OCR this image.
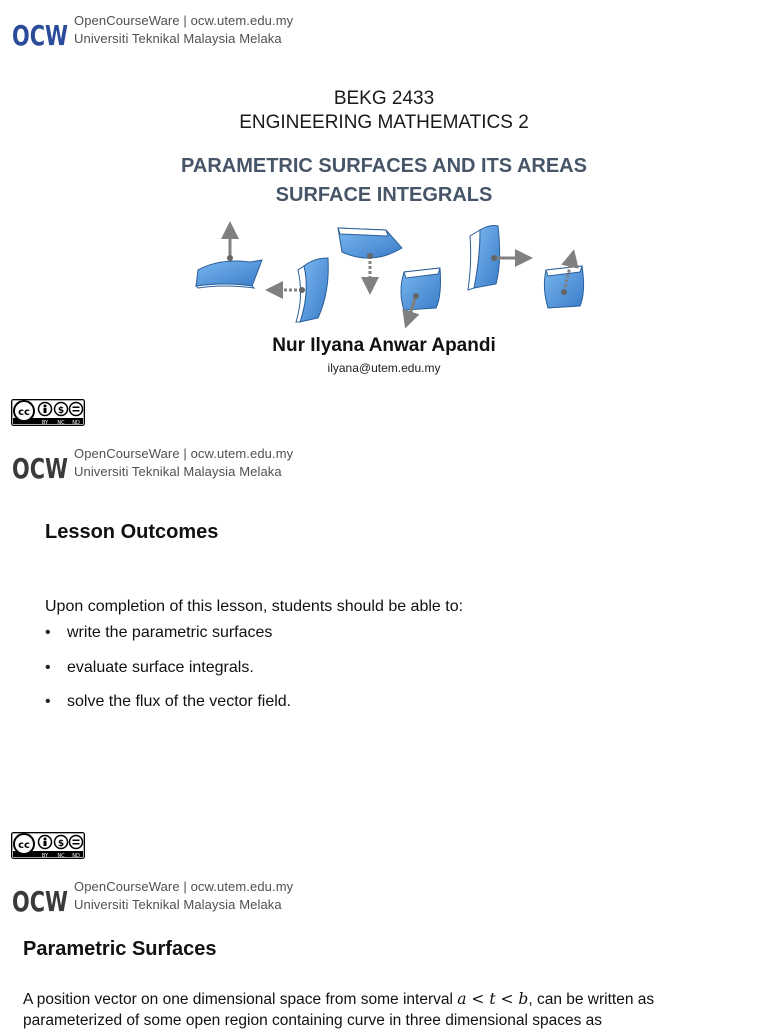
OCW OpenCourseWare | ocw.utem.edu.my
Universiti Teknikal Malaysia Melaka
BEKG 2433
ENGINEERING MATHEMATICS 2
PARAMETRIC SURFACES AND ITS AREAS
SURFACE INTEGRALS
Nur Ilyana Anwar Apandi
ilyana@utem.edu.my
cc	$
BY NC ND
OCW OpenCourseWare | ocw.utem.edu.my
Universiti Teknikal Malaysia Melaka
Lesson Outcomes
Upon completion of this lesson, students should be able to:
• write the parametric surfaces
• evaluate surface integrals.
• solve the flux of the vector field.
cc	$
BY NC ND
OCW OpenCourseWare | ocw.utem.edu.my
Universiti Teknikal Malaysia Melaka
Parametric Surfaces
A position vector on one dimensional space from some interval a < t < b, can be written as
parameterized of some open region containing curve in three dimensional spaces as
